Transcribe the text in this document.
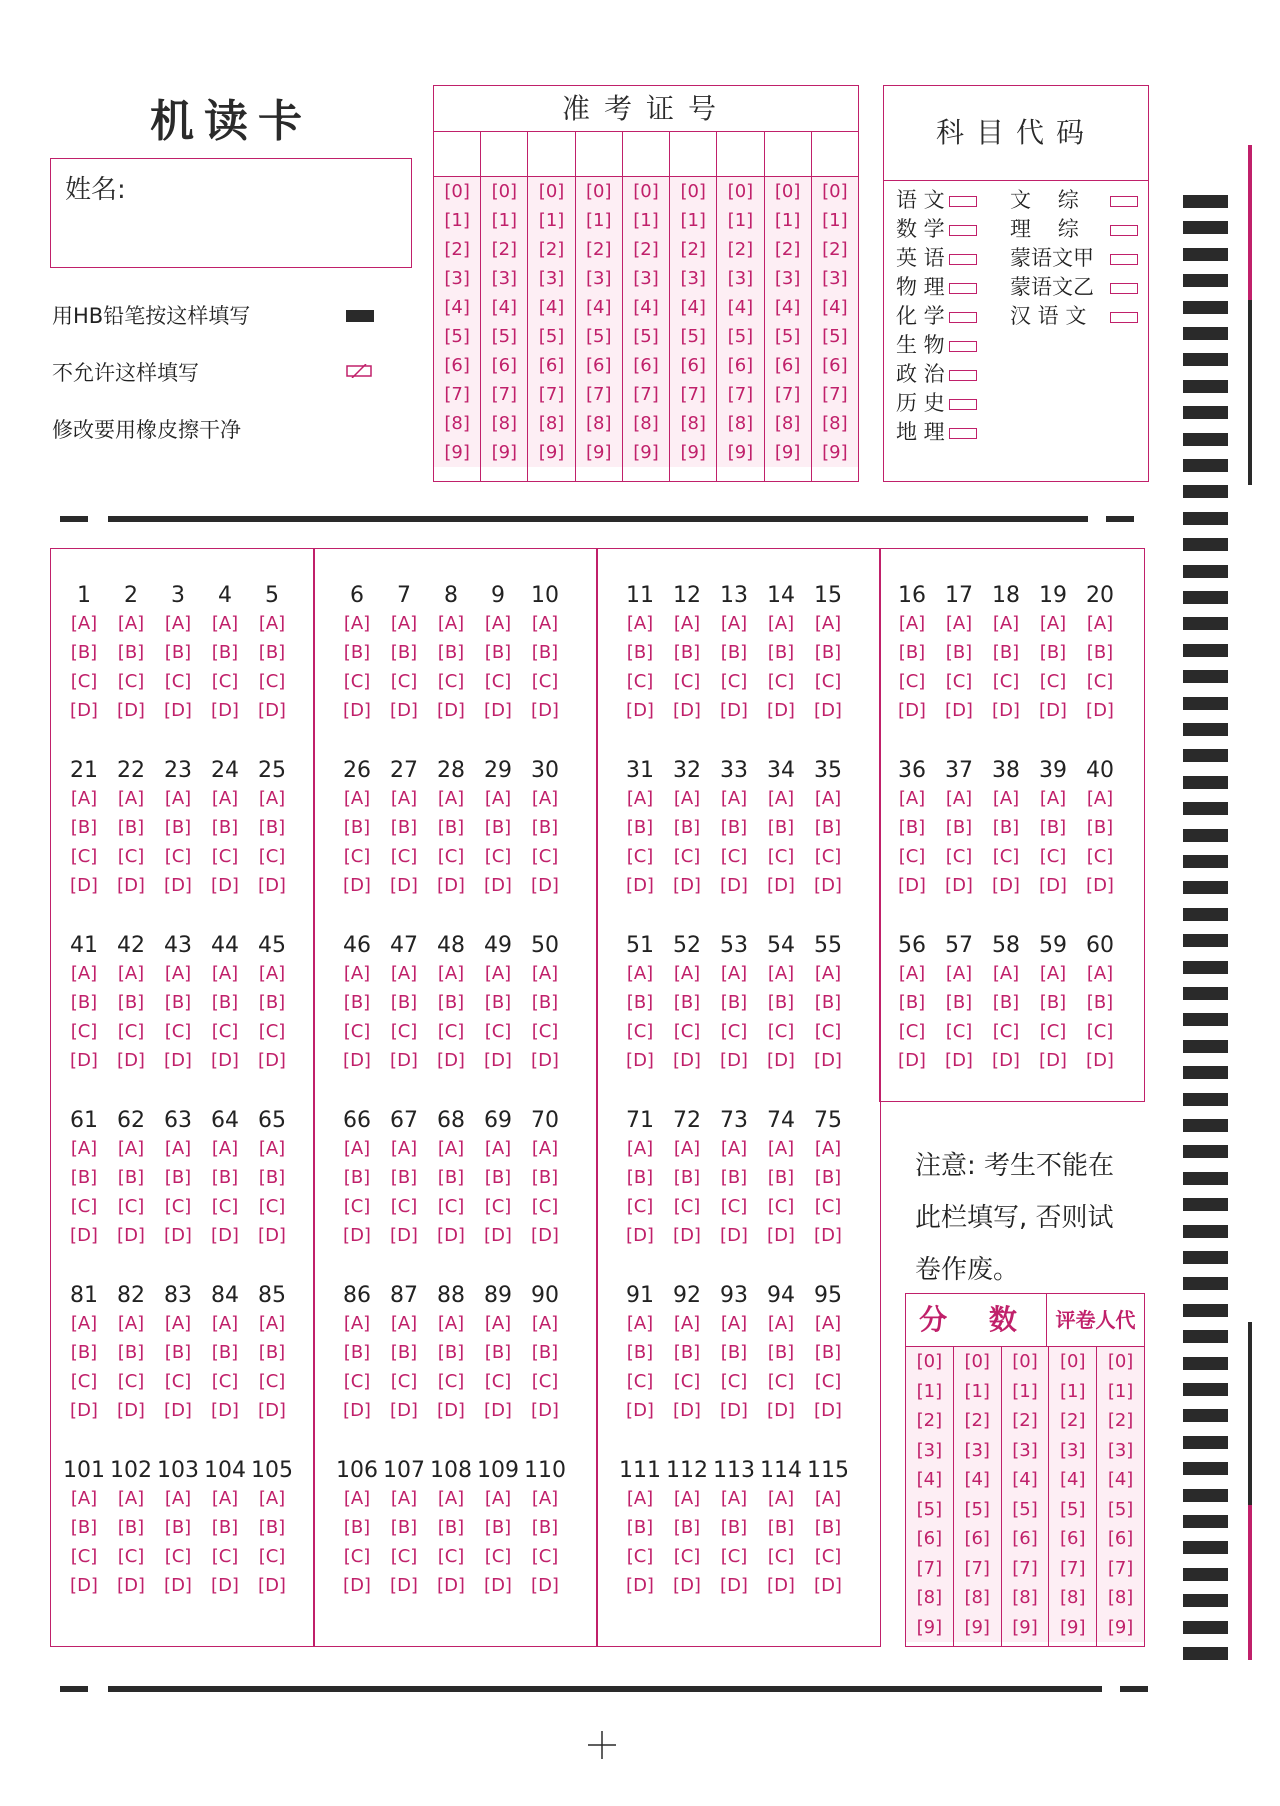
机读卡
姓名:
用HB铅笔按这样填写
不允许这样填写
修改要用橡皮擦干净
准考证号
[0]
[1]
[2]
[3]
[4]
[5]
[6]
[7]
[8]
[9]
[0]
[1]
[2]
[3]
[4]
[5]
[6]
[7]
[8]
[9]
[0]
[1]
[2]
[3]
[4]
[5]
[6]
[7]
[8]
[9]
[0]
[1]
[2]
[3]
[4]
[5]
[6]
[7]
[8]
[9]
[0]
[1]
[2]
[3]
[4]
[5]
[6]
[7]
[8]
[9]
[0]
[1]
[2]
[3]
[4]
[5]
[6]
[7]
[8]
[9]
[0]
[1]
[2]
[3]
[4]
[5]
[6]
[7]
[8]
[9]
[0]
[1]
[2]
[3]
[4]
[5]
[6]
[7]
[8]
[9]
[0]
[1]
[2]
[3]
[4]
[5]
[6]
[7]
[8]
[9]
科目代码
语 文
数 学
英 语
物 理
化 学
生 物
政 治
历 史
地 理
文    综
理    综
蒙语文甲
蒙语文乙
汉 语 文
1
[A]
[B]
[C]
[D]
2
[A]
[B]
[C]
[D]
3
[A]
[B]
[C]
[D]
4
[A]
[B]
[C]
[D]
5
[A]
[B]
[C]
[D]
6
[A]
[B]
[C]
[D]
7
[A]
[B]
[C]
[D]
8
[A]
[B]
[C]
[D]
9
[A]
[B]
[C]
[D]
10
[A]
[B]
[C]
[D]
11
[A]
[B]
[C]
[D]
12
[A]
[B]
[C]
[D]
13
[A]
[B]
[C]
[D]
14
[A]
[B]
[C]
[D]
15
[A]
[B]
[C]
[D]
16
[A]
[B]
[C]
[D]
17
[A]
[B]
[C]
[D]
18
[A]
[B]
[C]
[D]
19
[A]
[B]
[C]
[D]
20
[A]
[B]
[C]
[D]
21
[A]
[B]
[C]
[D]
22
[A]
[B]
[C]
[D]
23
[A]
[B]
[C]
[D]
24
[A]
[B]
[C]
[D]
25
[A]
[B]
[C]
[D]
26
[A]
[B]
[C]
[D]
27
[A]
[B]
[C]
[D]
28
[A]
[B]
[C]
[D]
29
[A]
[B]
[C]
[D]
30
[A]
[B]
[C]
[D]
31
[A]
[B]
[C]
[D]
32
[A]
[B]
[C]
[D]
33
[A]
[B]
[C]
[D]
34
[A]
[B]
[C]
[D]
35
[A]
[B]
[C]
[D]
36
[A]
[B]
[C]
[D]
37
[A]
[B]
[C]
[D]
38
[A]
[B]
[C]
[D]
39
[A]
[B]
[C]
[D]
40
[A]
[B]
[C]
[D]
41
[A]
[B]
[C]
[D]
42
[A]
[B]
[C]
[D]
43
[A]
[B]
[C]
[D]
44
[A]
[B]
[C]
[D]
45
[A]
[B]
[C]
[D]
46
[A]
[B]
[C]
[D]
47
[A]
[B]
[C]
[D]
48
[A]
[B]
[C]
[D]
49
[A]
[B]
[C]
[D]
50
[A]
[B]
[C]
[D]
51
[A]
[B]
[C]
[D]
52
[A]
[B]
[C]
[D]
53
[A]
[B]
[C]
[D]
54
[A]
[B]
[C]
[D]
55
[A]
[B]
[C]
[D]
56
[A]
[B]
[C]
[D]
57
[A]
[B]
[C]
[D]
58
[A]
[B]
[C]
[D]
59
[A]
[B]
[C]
[D]
60
[A]
[B]
[C]
[D]
61
[A]
[B]
[C]
[D]
62
[A]
[B]
[C]
[D]
63
[A]
[B]
[C]
[D]
64
[A]
[B]
[C]
[D]
65
[A]
[B]
[C]
[D]
66
[A]
[B]
[C]
[D]
67
[A]
[B]
[C]
[D]
68
[A]
[B]
[C]
[D]
69
[A]
[B]
[C]
[D]
70
[A]
[B]
[C]
[D]
71
[A]
[B]
[C]
[D]
72
[A]
[B]
[C]
[D]
73
[A]
[B]
[C]
[D]
74
[A]
[B]
[C]
[D]
75
[A]
[B]
[C]
[D]
81
[A]
[B]
[C]
[D]
82
[A]
[B]
[C]
[D]
83
[A]
[B]
[C]
[D]
84
[A]
[B]
[C]
[D]
85
[A]
[B]
[C]
[D]
86
[A]
[B]
[C]
[D]
87
[A]
[B]
[C]
[D]
88
[A]
[B]
[C]
[D]
89
[A]
[B]
[C]
[D]
90
[A]
[B]
[C]
[D]
91
[A]
[B]
[C]
[D]
92
[A]
[B]
[C]
[D]
93
[A]
[B]
[C]
[D]
94
[A]
[B]
[C]
[D]
95
[A]
[B]
[C]
[D]
101
[A]
[B]
[C]
[D]
102
[A]
[B]
[C]
[D]
103
[A]
[B]
[C]
[D]
104
[A]
[B]
[C]
[D]
105
[A]
[B]
[C]
[D]
106
[A]
[B]
[C]
[D]
107
[A]
[B]
[C]
[D]
108
[A]
[B]
[C]
[D]
109
[A]
[B]
[C]
[D]
110
[A]
[B]
[C]
[D]
111
[A]
[B]
[C]
[D]
112
[A]
[B]
[C]
[D]
113
[A]
[B]
[C]
[D]
114
[A]
[B]
[C]
[D]
115
[A]
[B]
[C]
[D]
注意: 考生不能在
此栏填写, 否则试
卷作废。
分 数	评卷人代
[0]
[1]
[2]
[3]
[4]
[5]
[6]
[7]
[8]
[9]
[0]
[1]
[2]
[3]
[4]
[5]
[6]
[7]
[8]
[9]
[0]
[1]
[2]
[3]
[4]
[5]
[6]
[7]
[8]
[9]
[0]
[1]
[2]
[3]
[4]
[5]
[6]
[7]
[8]
[9]
[0]
[1]
[2]
[3]
[4]
[5]
[6]
[7]
[8]
[9]
